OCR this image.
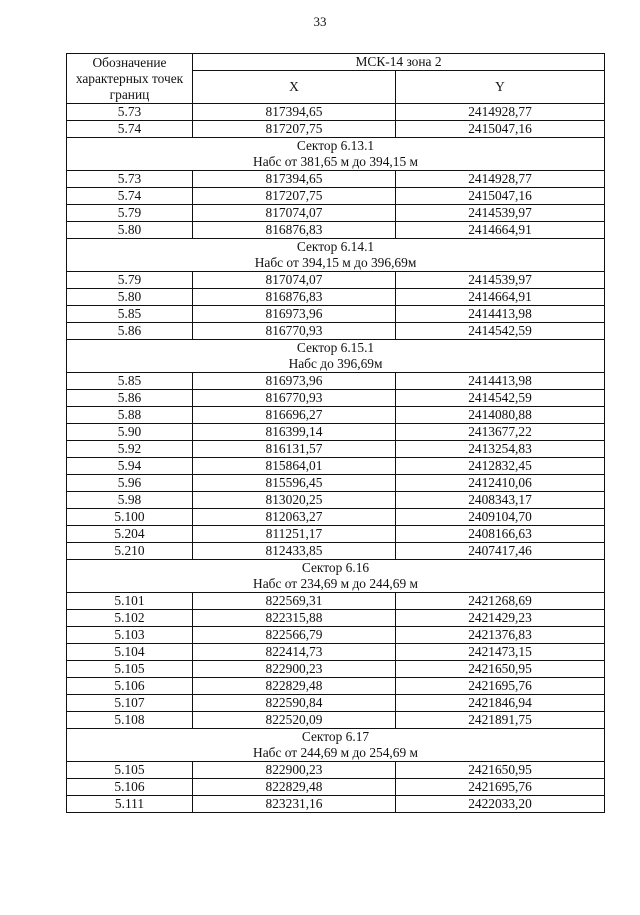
33
Обозначение
характерных точек
границ	МСК-14 зона 2	
	X	Y
5.73	817394,65	2414928,77
5.74	817207,75	2415047,16
Сектор 6.13.1
Набс от 381,65 м до 394,15 м		
5.73	817394,65	2414928,77
5.74	817207,75	2415047,16
5.79	817074,07	2414539,97
5.80	816876,83	2414664,91
Сектор 6.14.1
Набс от 394,15 м до 396,69м		
5.79	817074,07	2414539,97
5.80	816876,83	2414664,91
5.85	816973,96	2414413,98
5.86	816770,93	2414542,59
Сектор 6.15.1
Набс до 396,69м		
5.85	816973,96	2414413,98
5.86	816770,93	2414542,59
5.88	816696,27	2414080,88
5.90	816399,14	2413677,22
5.92	816131,57	2413254,83
5.94	815864,01	2412832,45
5.96	815596,45	2412410,06
5.98	813020,25	2408343,17
5.100	812063,27	2409104,70
5.204	811251,17	2408166,63
5.210	812433,85	2407417,46
Сектор 6.16
Набс от 234,69 м до 244,69 м		
5.101	822569,31	2421268,69
5.102	822315,88	2421429,23
5.103	822566,79	2421376,83
5.104	822414,73	2421473,15
5.105	822900,23	2421650,95
5.106	822829,48	2421695,76
5.107	822590,84	2421846,94
5.108	822520,09	2421891,75
Сектор 6.17
Набс от 244,69 м до 254,69 м		
5.105	822900,23	2421650,95
5.106	822829,48	2421695,76
5.111	823231,16	2422033,20
